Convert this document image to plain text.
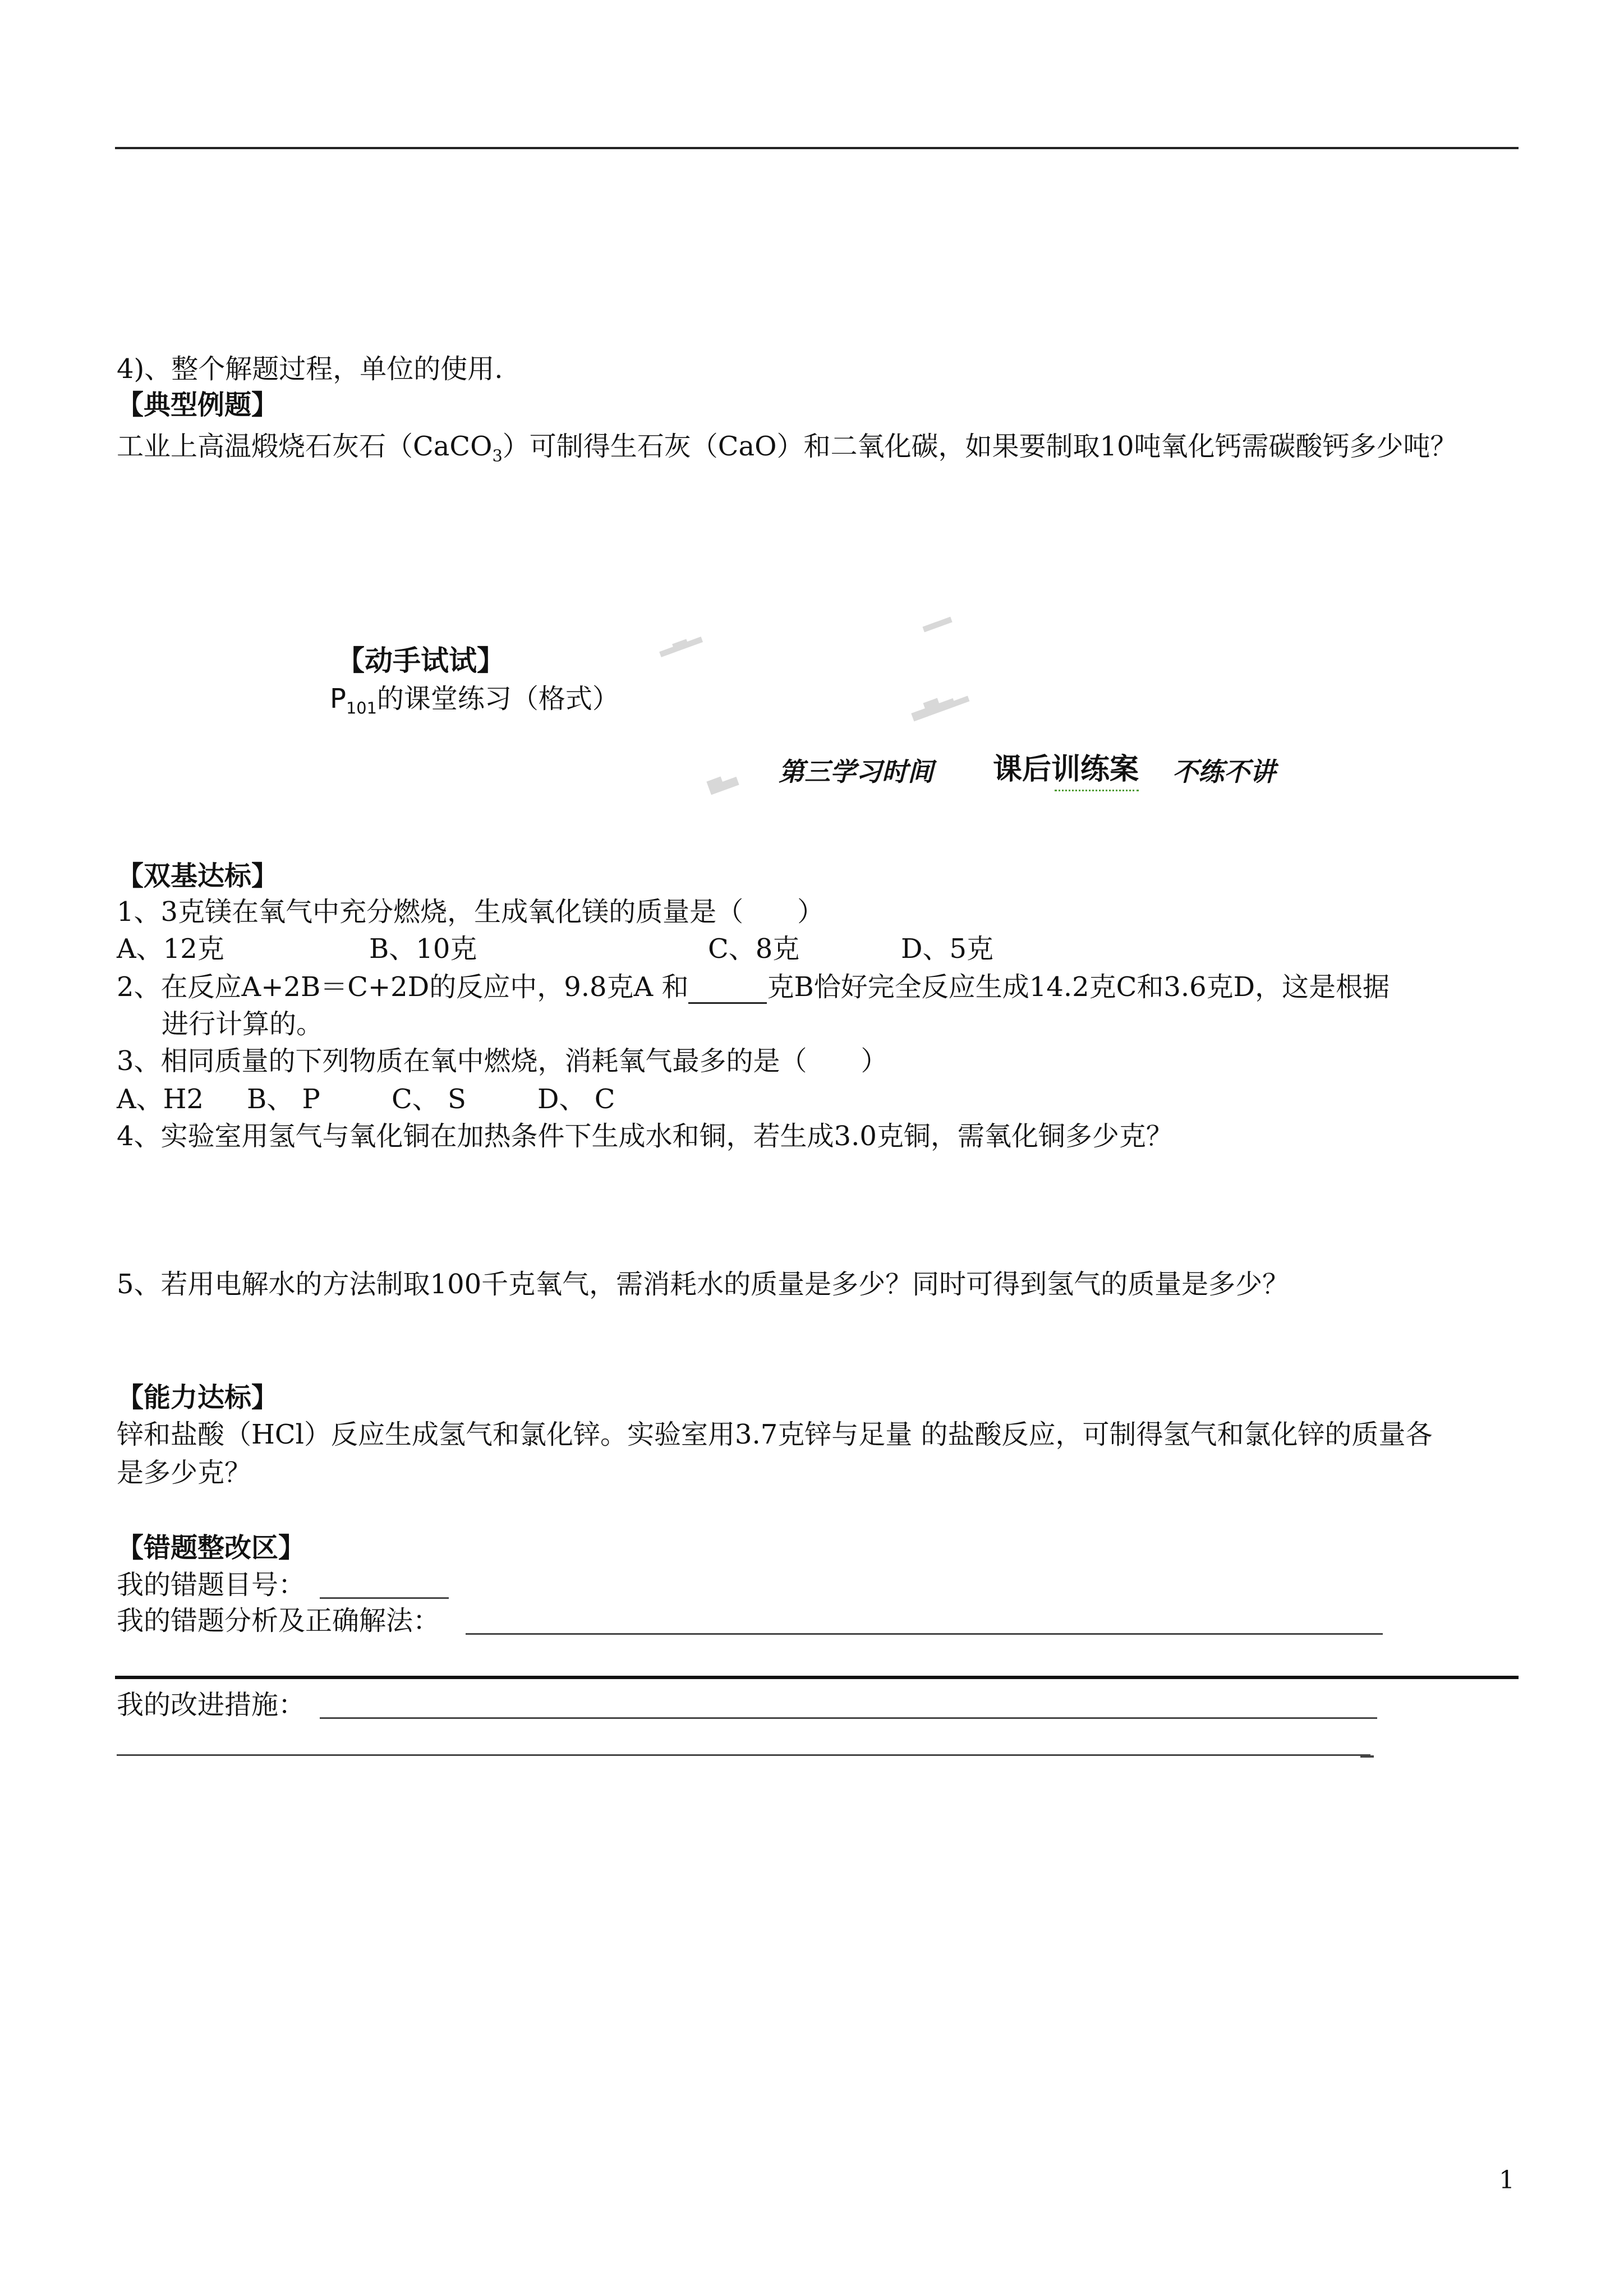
4)、整个解题过程，单位的使用.
【典型例题】
工业上高温煅烧石灰石（CaCO$_3$）可制得生石灰（CaO）和二氧化碳，如果要制取10吨氧化钙需碳酸钙多少吨？
【动手试试】
$P_{101}$的课堂练习（格式）
▂▃▂
▃▅▃▂
▂▂
▅▃ 第三学习时间 课后训练案 不练不讲
【双基达标】
1、3克镁在氧气中充分燃烧，生成氧化镁的质量是（　　）
A、12克	B、10克	C、8克	D、5克
2、在反应A+2B＝C+2D的反应中，9.8克A 和	克B恰好完全反应生成14.2克C和3.6克D，这是根据
进行计算的。
3、相同质量的下列物质在氧中燃烧，消耗氧气最多的是（　　）
A、H2 B、 P	C、 S	D、 C
4、实验室用氢气与氧化铜在加热条件下生成水和铜，若生成3.0克铜，需氧化铜多少克？
5、若用电解水的方法制取100千克氧气，需消耗水的质量是多少？同时可得到氢气的质量是多少？
【能力达标】
锌和盐酸（HCl）反应生成氢气和氯化锌。实验室用3.7克锌与足量 的盐酸反应，可制得氢气和氯化锌的质量各
是多少克？
【错题整改区】
我的错题目号：
我的错题分析及正确解法：
我的改进措施：
1
